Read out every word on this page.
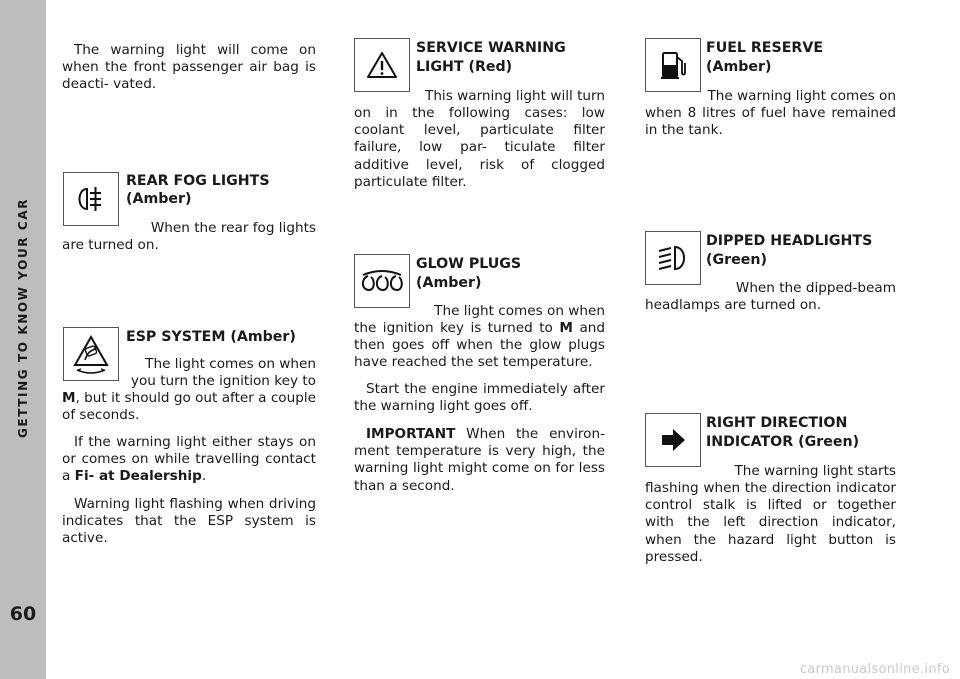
GETTING TO KNOW YOUR CAR
60

The warning light will come on when the front passenger air bag is deacti- vated.

REAR FOG LIGHTS

(Amber)

When the rear fog lights

are turned on.

ESP SYSTEM (Amber)

The light comes on when

you turn the ignition key to

M, but it should go out after a couple of seconds.

If the warning light either stays on or comes on while travelling contact a Fi- at Dealership.

Warning light flashing when driving indicates that the ESP system is active.

SERVICE WARNING

LIGHT (Red)

This warning light will turn

on in the following cases: low coolant level, particulate filter failure, low par- ticulate filter additive level, risk of clogged particulate filter.

GLOW PLUGS

(Amber)

The light comes on when

the ignition key is turned to M and then goes off when the glow plugs have reached the set temperature.

Start the engine immediately after the warning light goes off.

IMPORTANT When the environ- ment temperature is very high, the warning light might come on for less than a second.

FUEL RESERVE

(Amber)

The warning light comes on

when 8 litres of fuel have remained in the tank.

DIPPED HEADLIGHTS

(Green)

When the dipped-beam

headlamps are turned on.

RIGHT DIRECTION

INDICATOR (Green)

The warning light starts

flashing when the direction indicator control stalk is lifted or together with the left direction indicator, when the hazard light button is pressed.

carmanualsonline.info
